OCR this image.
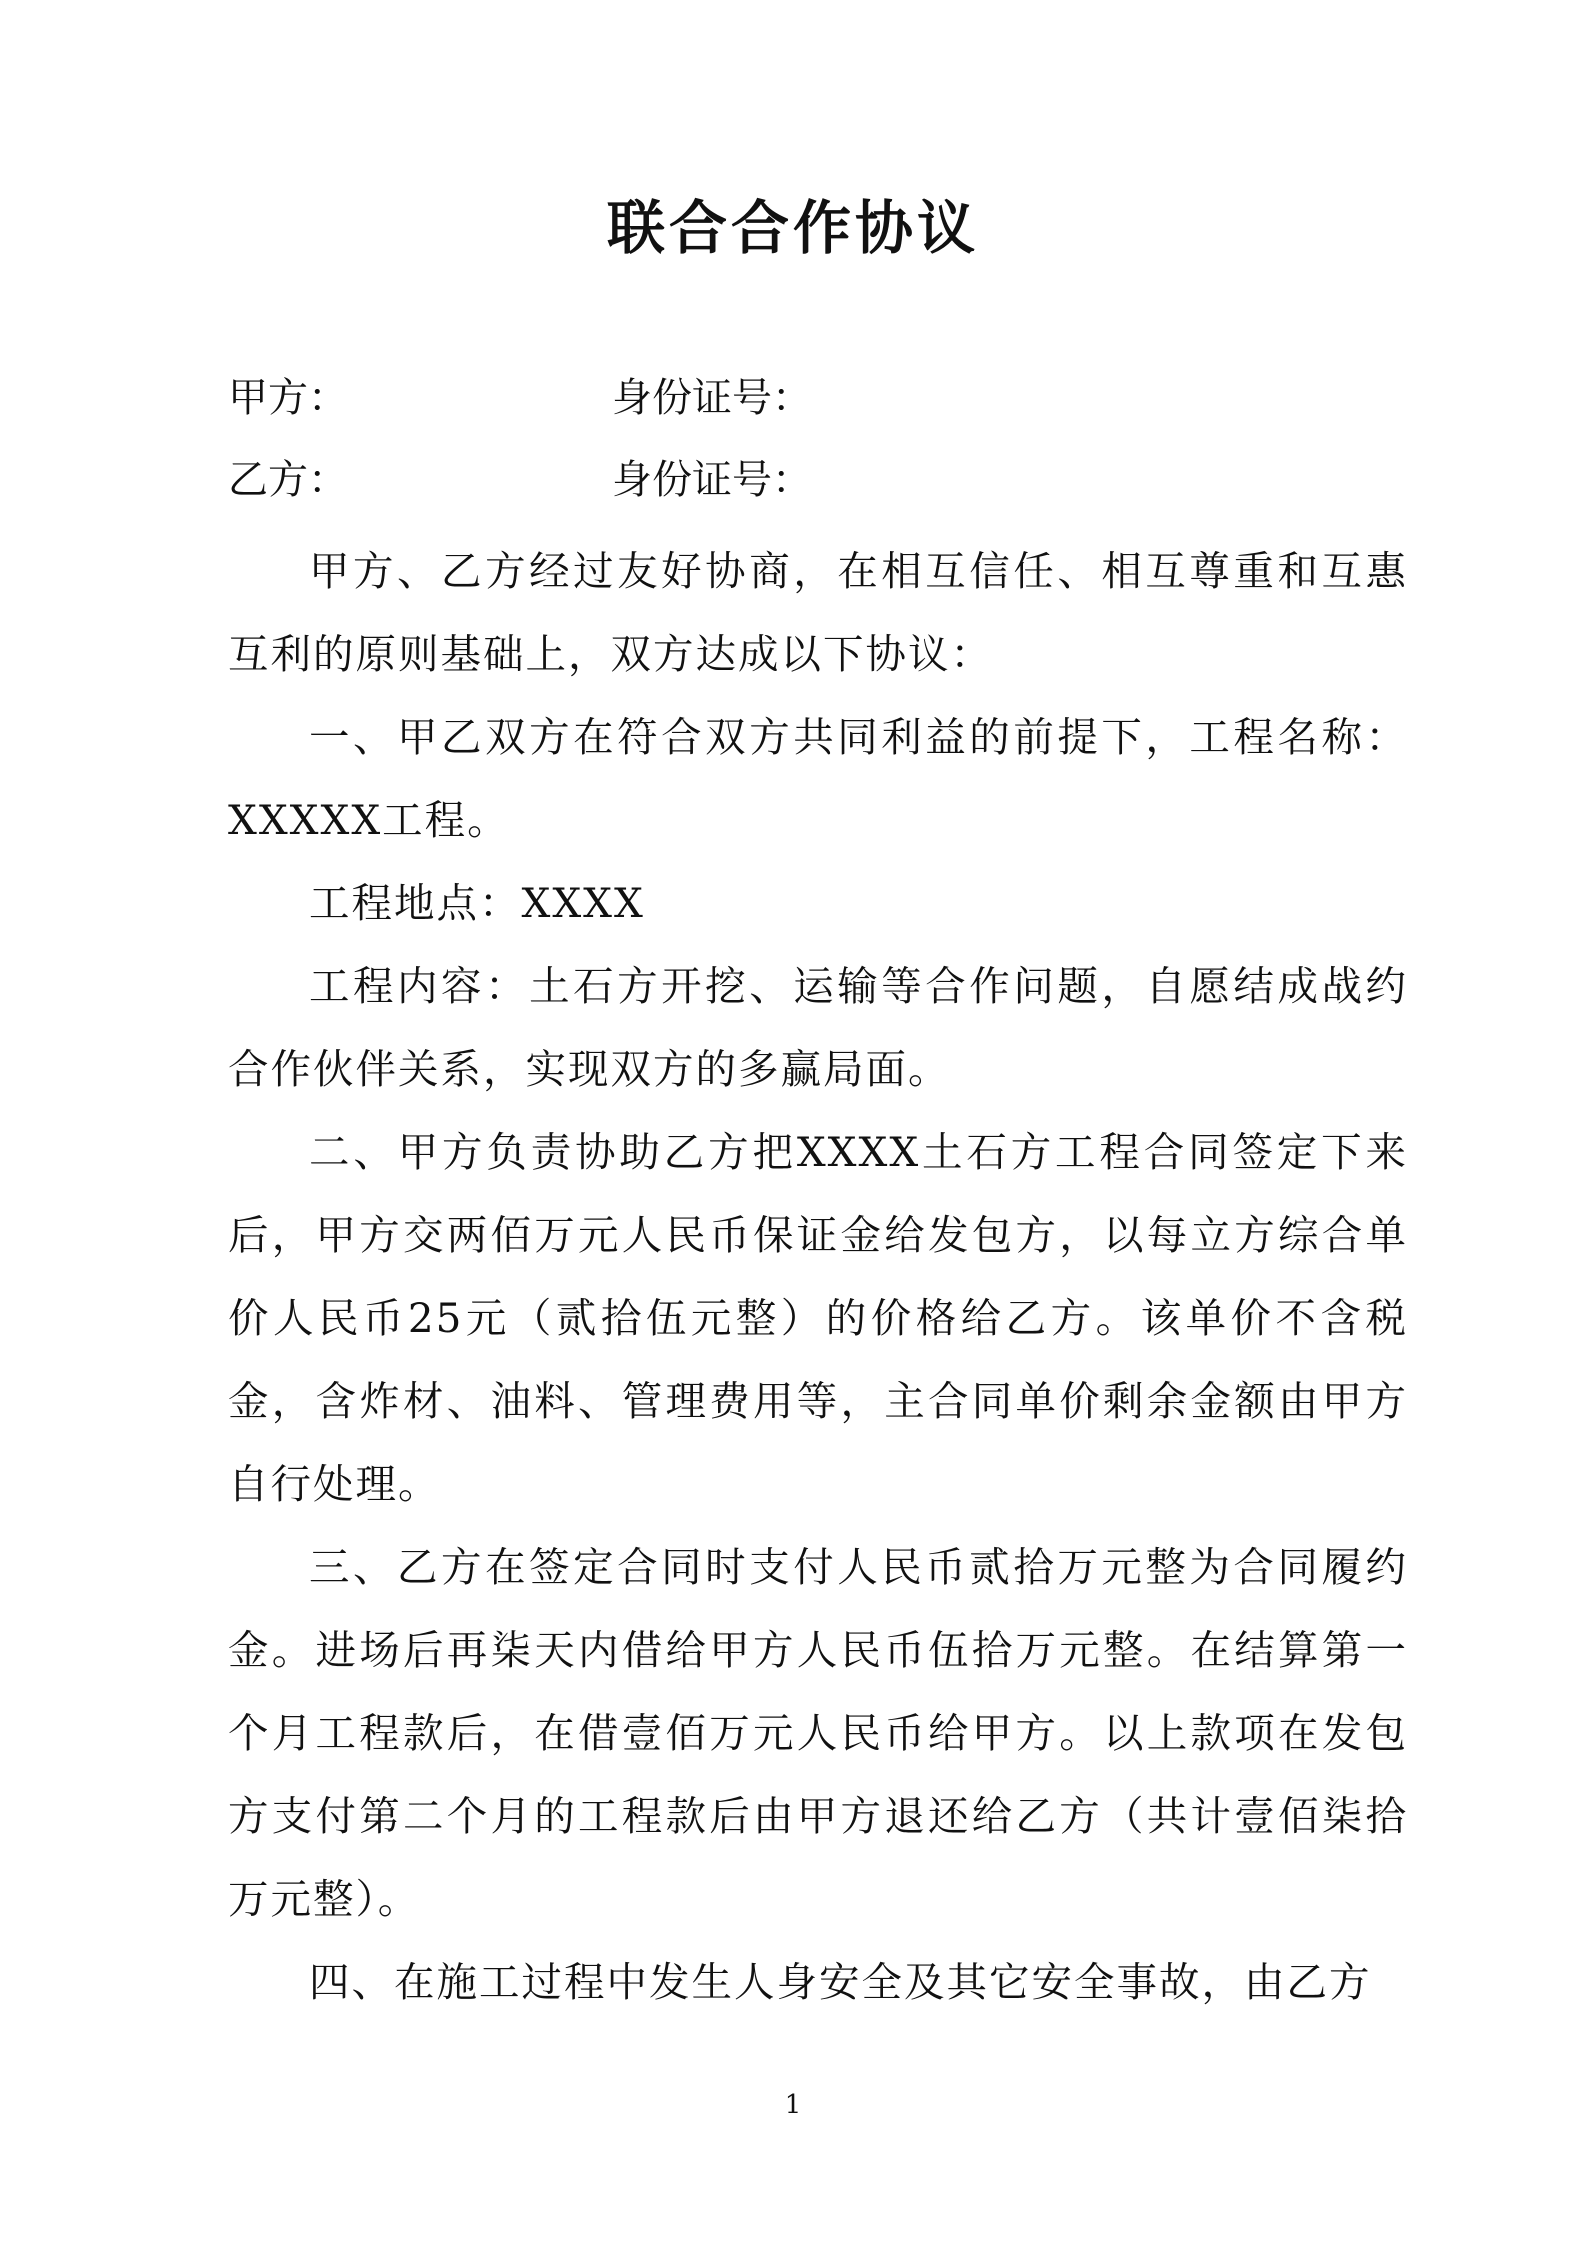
联合合作协议
甲方：	身份证号：
乙方：	身份证号：

甲方、乙方经过友好协商，在相互信任、相互尊重和互惠互利的原则基础上，双方达成以下协议：

一、甲乙双方在符合双方共同利益的前提下，工程名称：XXXXX工程。

工程地点：XXXX

工程内容：土石方开挖、运输等合作问题，自愿结成战约合作伙伴关系，实现双方的多赢局面。

二、甲方负责协助乙方把XXXX土石方工程合同签定下来后，甲方交两佰万元人民币保证金给发包方，以每立方综合单价人民币25元（贰拾伍元整）的价格给乙方。该单价不含税金，含炸材、油料、管理费用等，主合同单价剩余金额由甲方自行处理。

三、乙方在签定合同时支付人民币贰拾万元整为合同履约金。进场后再柒天内借给甲方人民币伍拾万元整。在结算第一个月工程款后，在借壹佰万元人民币给甲方。以上款项在发包方支付第二个月的工程款后由甲方退还给乙方（共计壹佰柒拾万元整）。

四、在施工过程中发生人身安全及其它安全事故，由乙方

1
